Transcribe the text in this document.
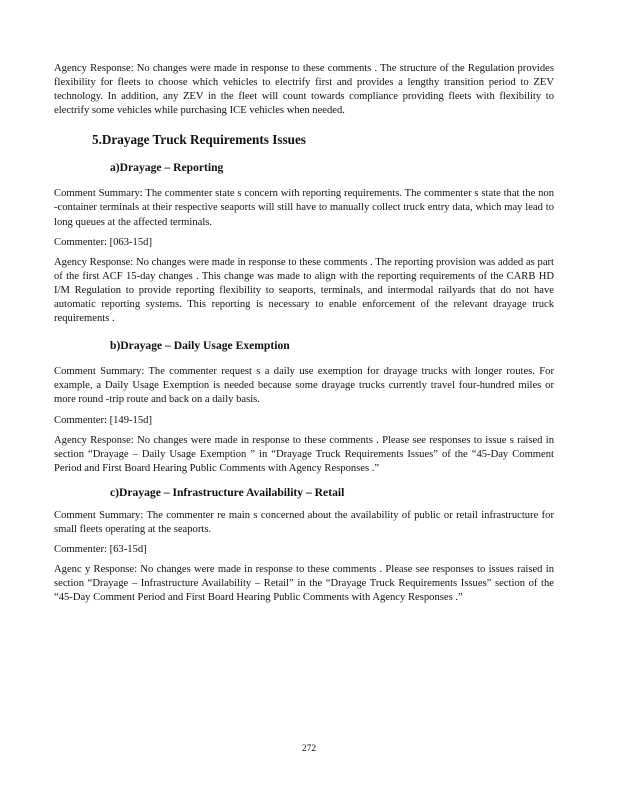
Agency Response: No changes were made in response to these comments . The structure of the Regulation provides flexibility for fleets to choose which vehicles to electrify first and provides a lengthy transition period to ZEV technology. In addition, any ZEV in the fleet will count towards compliance providing fleets with flexibility to electrify some vehicles while purchasing ICE vehicles when needed.

5.Drayage Truck Requirements Issues
a)Drayage – Reporting

Comment Summary: The commenter state s concern with reporting requirements. The commenter s state that the non -container terminals at their respective seaports will still have to manually collect truck entry data, which may lead to long queues at the affected terminals.

Commenter: [063-15d]

Agency Response: No changes were made in response to these comments . The reporting provision was added as part of the first ACF 15-day changes . This change was made to align with the reporting requirements of the CARB HD I/M Regulation to provide reporting flexibility to seaports, terminals, and intermodal railyards that do not have automatic reporting systems. This reporting is necessary to enable enforcement of the relevant drayage truck requirements .

b)Drayage – Daily Usage Exemption

Comment Summary: The commenter request s a daily use exemption for drayage trucks with longer routes. For example, a Daily Usage Exemption is needed because some drayage trucks currently travel four-hundred miles or more round -trip route and back on a daily basis.

Commenter: [149-15d]

Agency Response: No changes were made in response to these comments . Please see responses to issue s raised in section “Drayage – Daily Usage Exemption ” in “Drayage Truck Requirements Issues” of the “45-Day Comment Period and First Board Hearing Public Comments with Agency Responses .”

c)Drayage – Infrastructure Availability – Retail

Comment Summary: The commenter re main s concerned about the availability of public or retail infrastructure for small fleets operating at the seaports.

Commenter: [63-15d]

Agenc y Response: No changes were made in response to these comments . Please see responses to issues raised in section “Drayage – Infrastructure Availability – Retail” in the “Drayage Truck Requirements Issues” section of the “45-Day Comment Period and First Board Hearing Public Comments with Agency Responses .”

272
